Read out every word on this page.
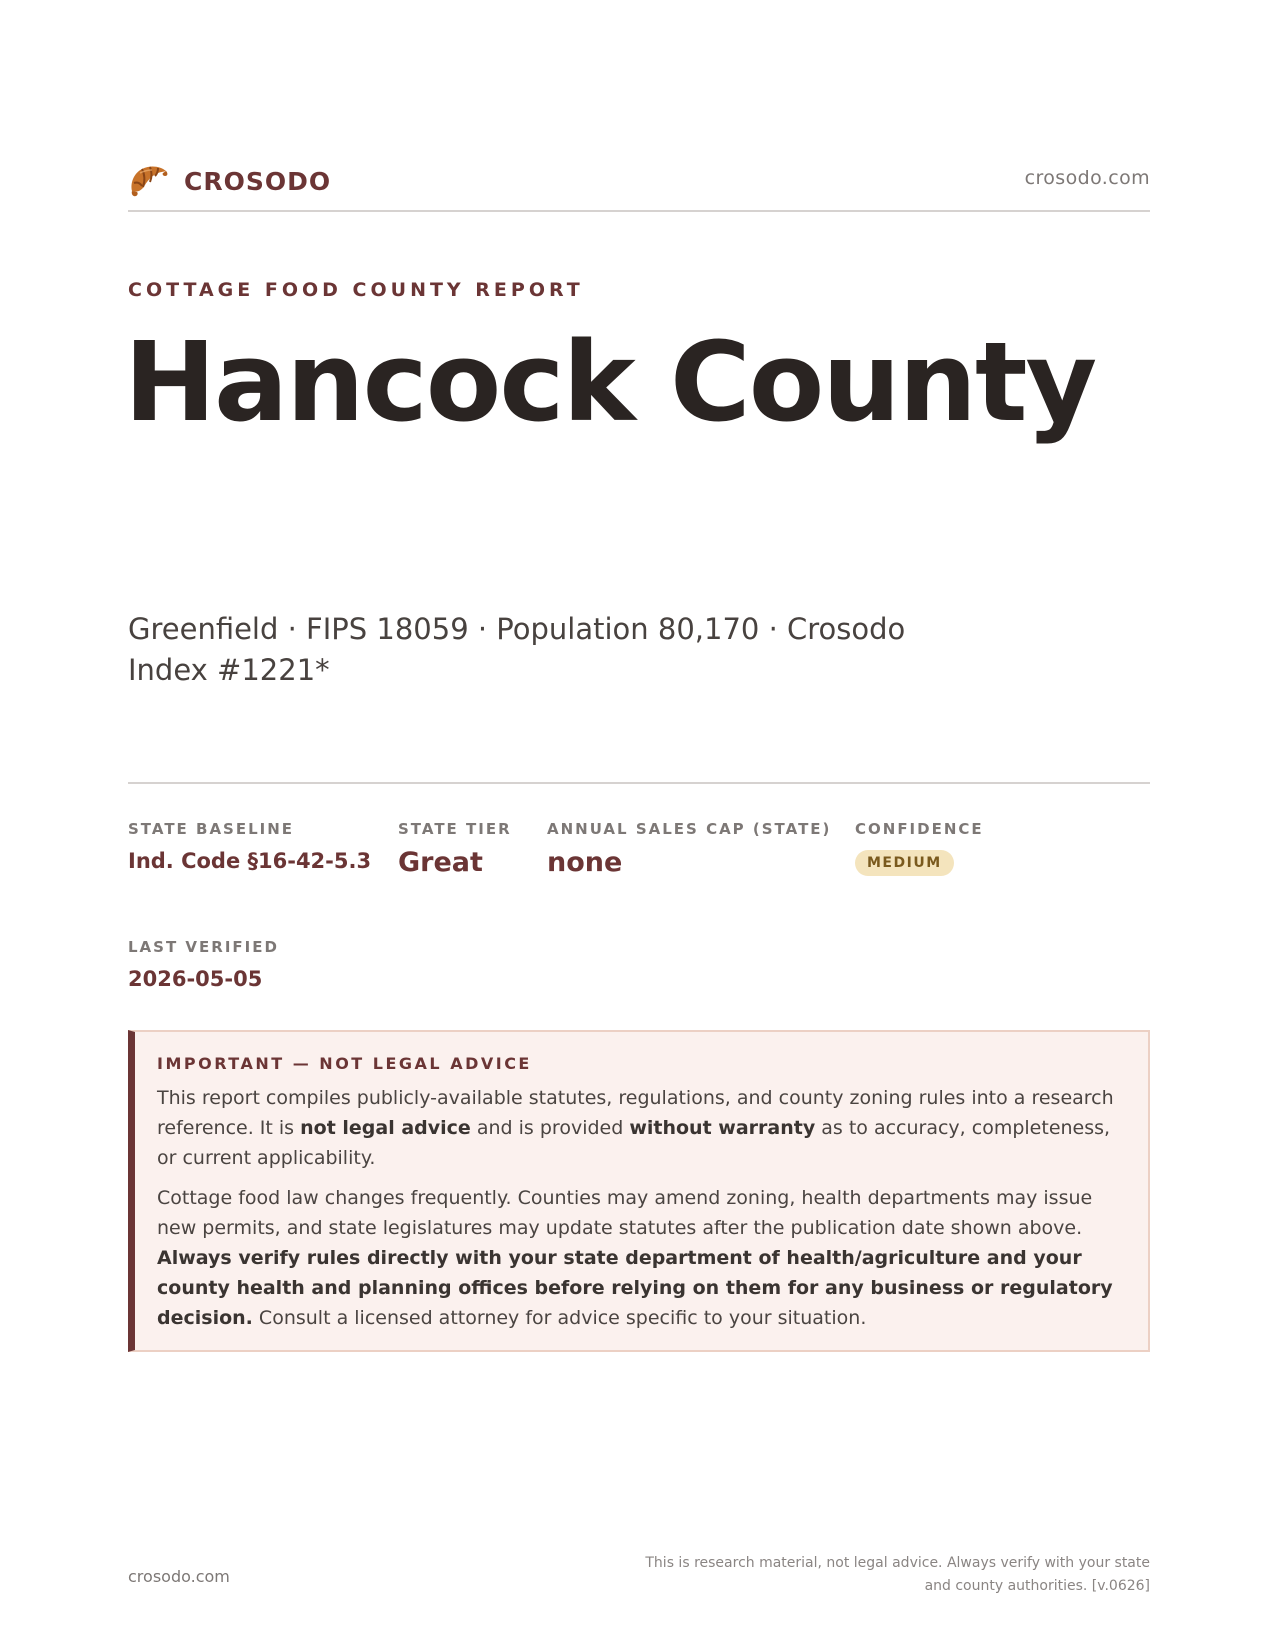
CROSODO	crosodo.com
COTTAGE FOOD COUNTY REPORT
Hancock County
Greenfield · FIPS 18059 · Population 80,170 · Crosodo Index #1221*
STATE BASELINE
Ind. Code §16-42-5.3
STATE TIER
Great
ANNUAL SALES CAP (STATE)
none
CONFIDENCE
MEDIUM
LAST VERIFIED
2026-05-05
IMPORTANT — NOT LEGAL ADVICE

This report compiles publicly-available statutes, regulations, and county zoning rules into a research reference. It is not legal advice and is provided without warranty as to accuracy, completeness, or current applicability.

Cottage food law changes frequently. Counties may amend zoning, health departments may issue new permits, and state legislatures may update statutes after the publication date shown above. Always verify rules directly with your state department of health/agriculture and your county health and planning offices before relying on them for any business or regulatory decision. Consult a licensed attorney for advice specific to your situation.

crosodo.com
This is research material, not legal advice. Always verify with your state and county authorities. [v.0626]
